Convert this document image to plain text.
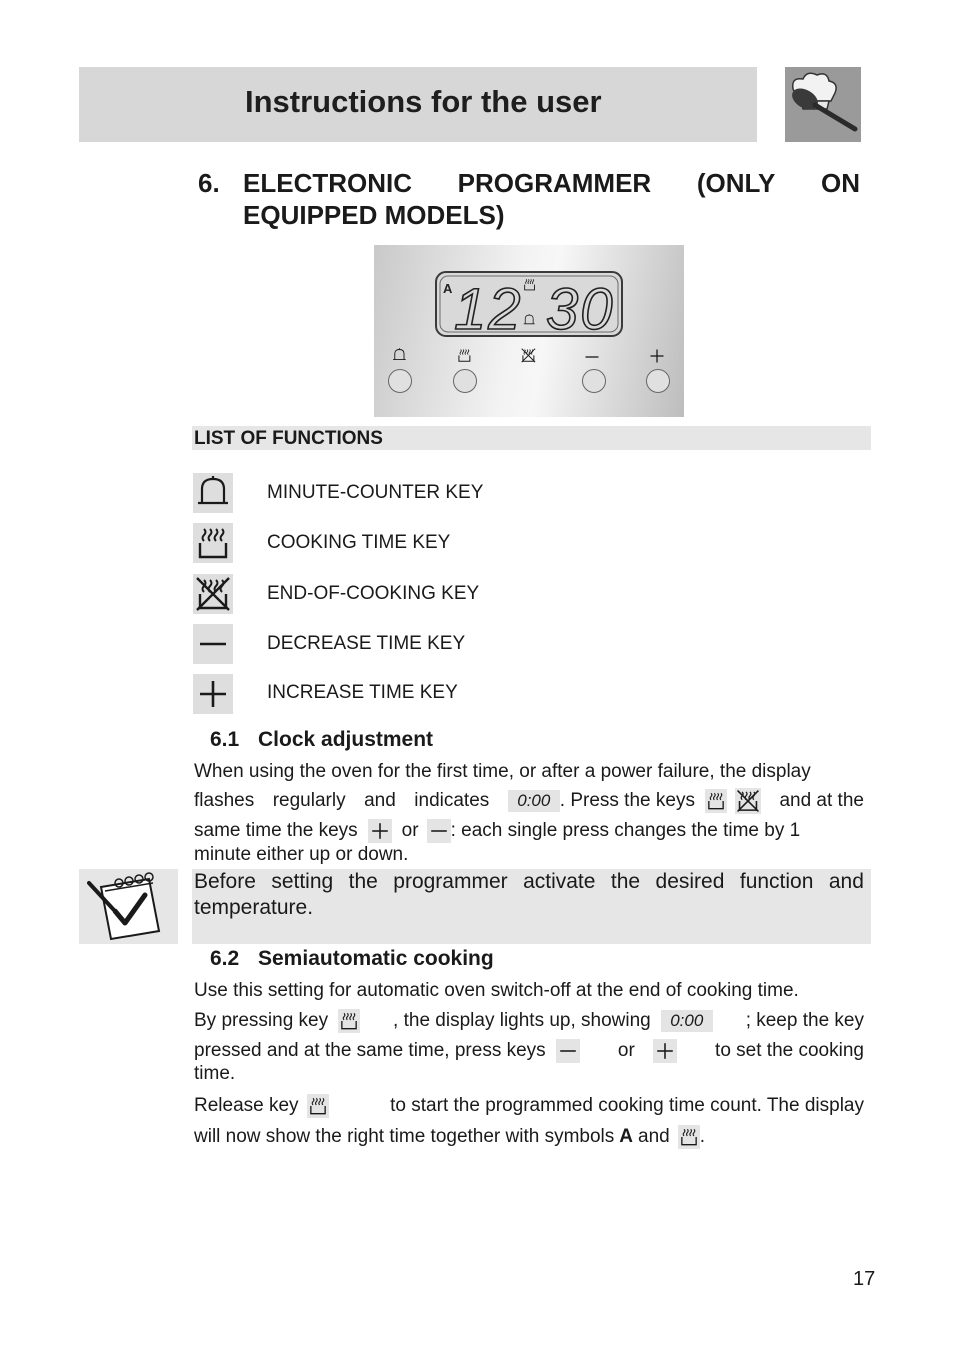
Instructions for the user
6. ELECTRONIC PROGRAMMER (ONLY ON
EQUIPPED MODELS)
A 12 30
LIST OF FUNCTIONS
MINUTE-COUNTER KEY
COOKING TIME KEY
END-OF-COOKING KEY
DECREASE TIME KEY
INCREASE TIME KEY
6.1 Clock adjustment
When using the oven for the first time, or after a power failure, the display
flashes regularly and indicates	0:00 . Press the keys	and at the
same time the keys or : each single press changes the time by 1
minute either up or down.
Before setting the programmer activate the desired function and
temperature.
6.2 Semiautomatic cooking
Use this setting for automatic oven switch-off at the end of cooking time.
By pressing key	, the display lights up, showing	0:00	; keep the key
pressed and at the same time, press keys	or	to set the cooking
time.
Release key	to start the programmed cooking time count. The display
will now show the right time together with symbols A and .
17
